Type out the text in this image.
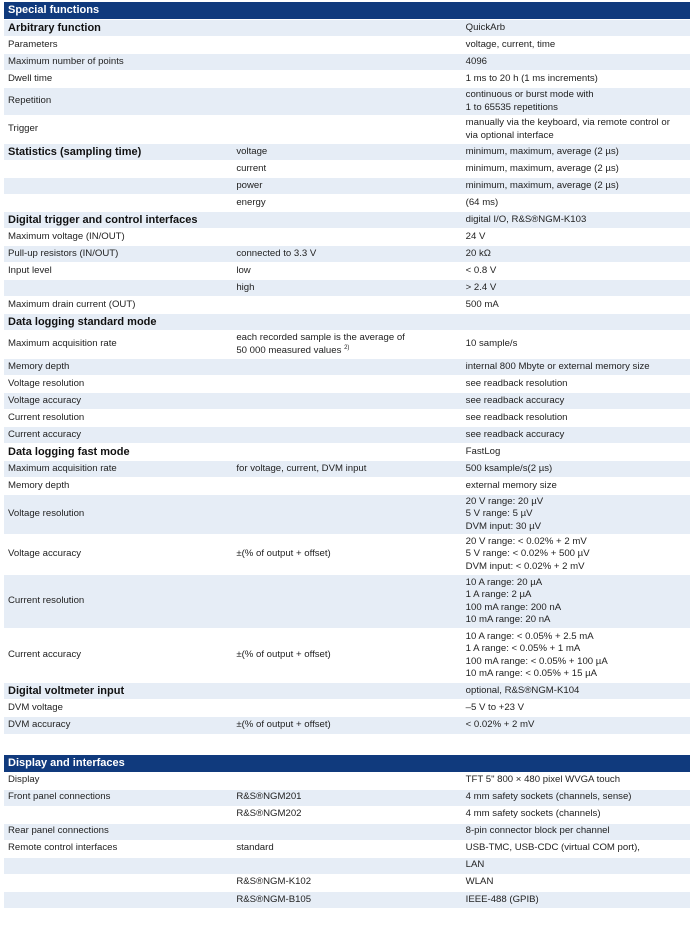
Special functions
Arbitrary function		QuickArb

Parameters		voltage, current, time

Maximum number of points		4096

Dwell time		1 ms to 20 h (1 ms increments)

Repetition		continuous or burst mode with
1 to 65535 repetitions

Trigger		manually via the keyboard, via remote control or
via optional interface

Statistics (sampling time)	voltage	minimum, maximum, average (2 µs)

	current	minimum, maximum, average (2 µs)

	power	minimum, maximum, average (2 µs)

	energy	(64 ms)

Digital trigger and control interfaces		digital I/O, R&S®NGM-K103

Maximum voltage (IN/OUT)		24 V

Pull-up resistors (IN/OUT)	connected to 3.3 V	20 kΩ

Input level	low	< 0.8 V

	high	> 2.4 V

Maximum drain current (OUT)		500 mA

Data logging standard mode		
Maximum acquisition rate	each recorded sample is the average of
50 000 measured values $^{2)}$	10 sample/s

Memory depth		internal 800 Mbyte or external memory size

Voltage resolution		see readback resolution

Voltage accuracy		see readback accuracy

Current resolution		see readback resolution

Current accuracy		see readback accuracy

Data logging fast mode		FastLog

Maximum acquisition rate	for voltage, current, DVM input	500 ksample/s(2 µs)

Memory depth		external memory size

Voltage resolution		20 V range: 20 µV
5 V range: 5 µV
DVM input: 30 µV

Voltage accuracy	±(% of output + offset)	20 V range: < 0.02% + 2 mV
5 V range: < 0.02% + 500 µV
DVM input: < 0.02% + 2 mV

Current resolution		10 A range: 20 µA
1 A range: 2 µA
100 mA range: 200 nA
10 mA range: 20 nA

Current accuracy	±(% of output + offset)	10 A range: < 0.05% + 2.5 mA
1 A range: < 0.05% + 1 mA
100 mA range: < 0.05% + 100 µA
10 mA range: < 0.05% + 15 µA

Digital voltmeter input		optional, R&S®NGM-K104

DVM voltage		–5 V to +23 V

DVM accuracy	±(% of output + offset)	< 0.02% + 2 mV
Display and interfaces
Display		TFT 5" 800 × 480 pixel WVGA touch

Front panel connections	R&S®NGM201	4 mm safety sockets (channels, sense)

	R&S®NGM202	4 mm safety sockets (channels)

Rear panel connections		8-pin connector block per channel

Remote control interfaces	standard	USB-TMC, USB-CDC (virtual COM port),

		LAN

	R&S®NGM-K102	WLAN

	R&S®NGM-B105	IEEE-488 (GPIB)
